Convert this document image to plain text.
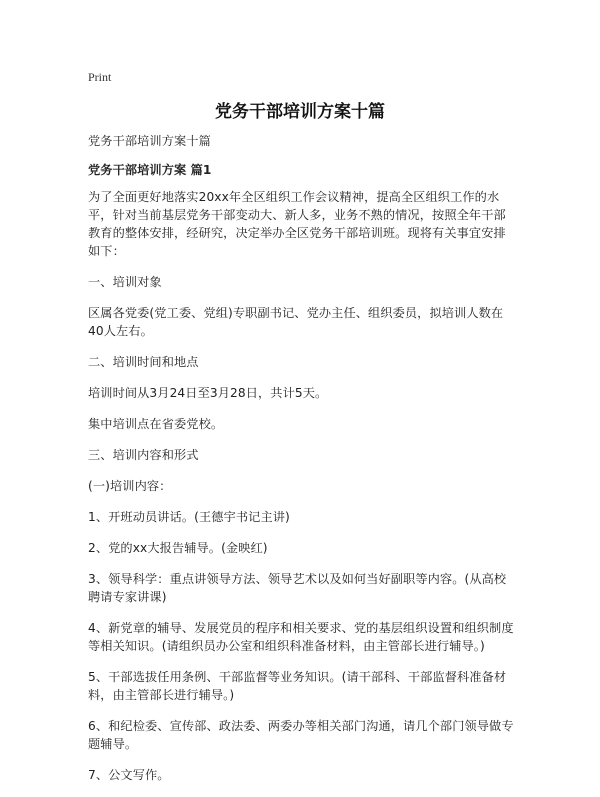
Print
党务干部培训方案十篇

党务干部培训方案十篇

党务干部培训方案 篇1

为了全面更好地落实20xx年全区组织工作会议精神，提高全区组织工作的水平，针对当前基层党务干部变动大、新人多，业务不熟的情况，按照全年干部教育的整体安排，经研究，决定举办全区党务干部培训班。现将有关事宜安排如下：

一、培训对象

区属各党委(党工委、党组)专职副书记、党办主任、组织委员，拟培训人数在40人左右。

二、培训时间和地点

培训时间从3月24日至3月28日，共计5天。

集中培训点在省委党校。

三、培训内容和形式

(一)培训内容：

1、开班动员讲话。(王德宇书记主讲)

2、党的xx大报告辅导。(金映红)

3、领导科学：重点讲领导方法、领导艺术以及如何当好副职等内容。(从高校聘请专家讲课)

4、新党章的辅导、发展党员的程序和相关要求、党的基层组织设置和组织制度等相关知识。(请组织员办公室和组织科准备材料，由主管部长进行辅导。)

5、干部选拔任用条例、干部监督等业务知识。(请干部科、干部监督科准备材料，由主管部长进行辅导。)

6、和纪检委、宣传部、政法委、两委办等相关部门沟通，请几个部门领导做专题辅导。

7、公文写作。
